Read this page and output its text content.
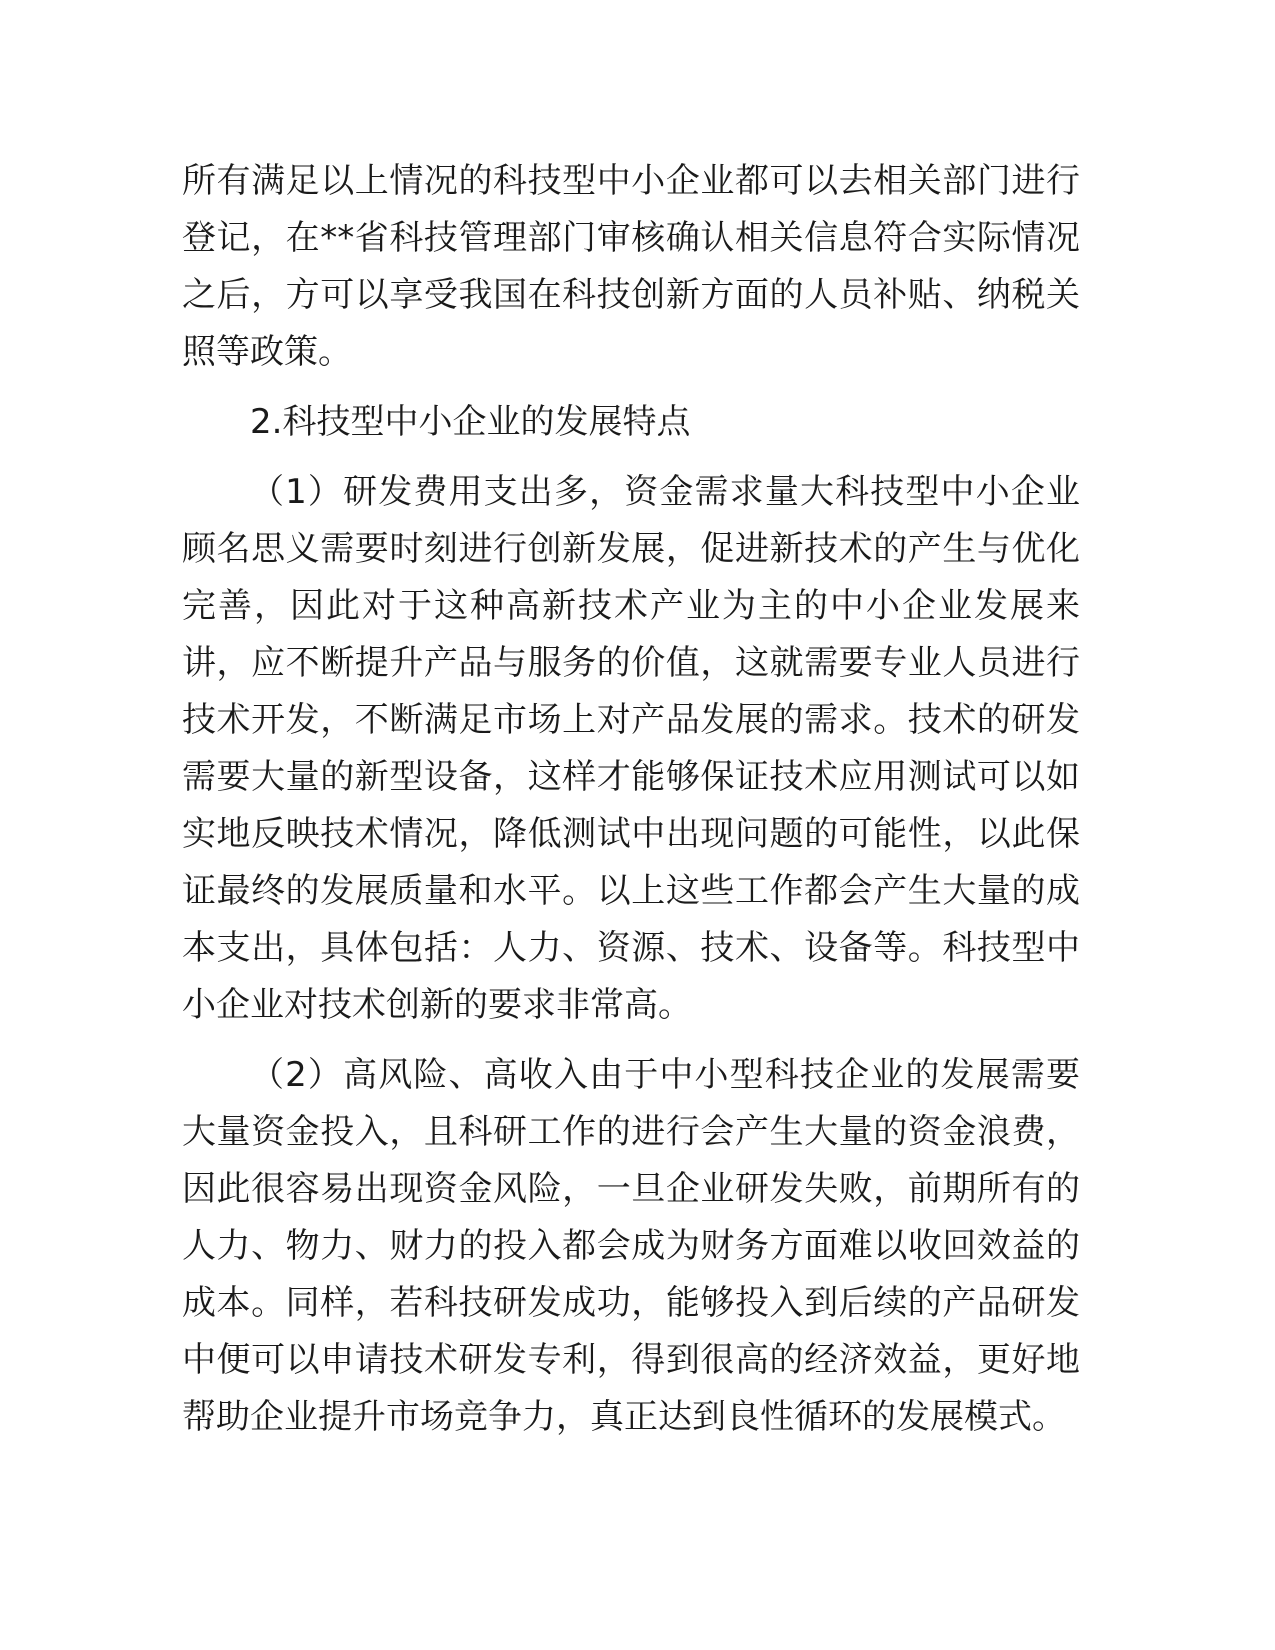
所有满足以上情况的科技型中小企业都可以去相关部门进行登记，在**省科技管理部门审核确认相关信息符合实际情况之后，方可以享受我国在科技创新方面的人员补贴、纳税关照等政策。

2.科技型中小企业的发展特点

（1）研发费用支出多，资金需求量大科技型中小企业顾名思义需要时刻进行创新发展，促进新技术的产生与优化完善，因此对于这种高新技术产业为主的中小企业发展来讲，应不断提升产品与服务的价值，这就需要专业人员进行技术开发，不断满足市场上对产品发展的需求。技术的研发需要大量的新型设备，这样才能够保证技术应用测试可以如实地反映技术情况，降低测试中出现问题的可能性，以此保证最终的发展质量和水平。以上这些工作都会产生大量的成本支出，具体包括：人力、资源、技术、设备等。科技型中小企业对技术创新的要求非常高。

（2）高风险、高收入由于中小型科技企业的发展需要大量资金投入，且科研工作的进行会产生大量的资金浪费，因此很容易出现资金风险，一旦企业研发失败，前期所有的人力、物力、财力的投入都会成为财务方面难以收回效益的成本。同样，若科技研发成功，能够投入到后续的产品研发中便可以申请技术研发专利，得到很高的经济效益，更好地帮助企业提升市场竞争力，真正达到良性循环的发展模式。
